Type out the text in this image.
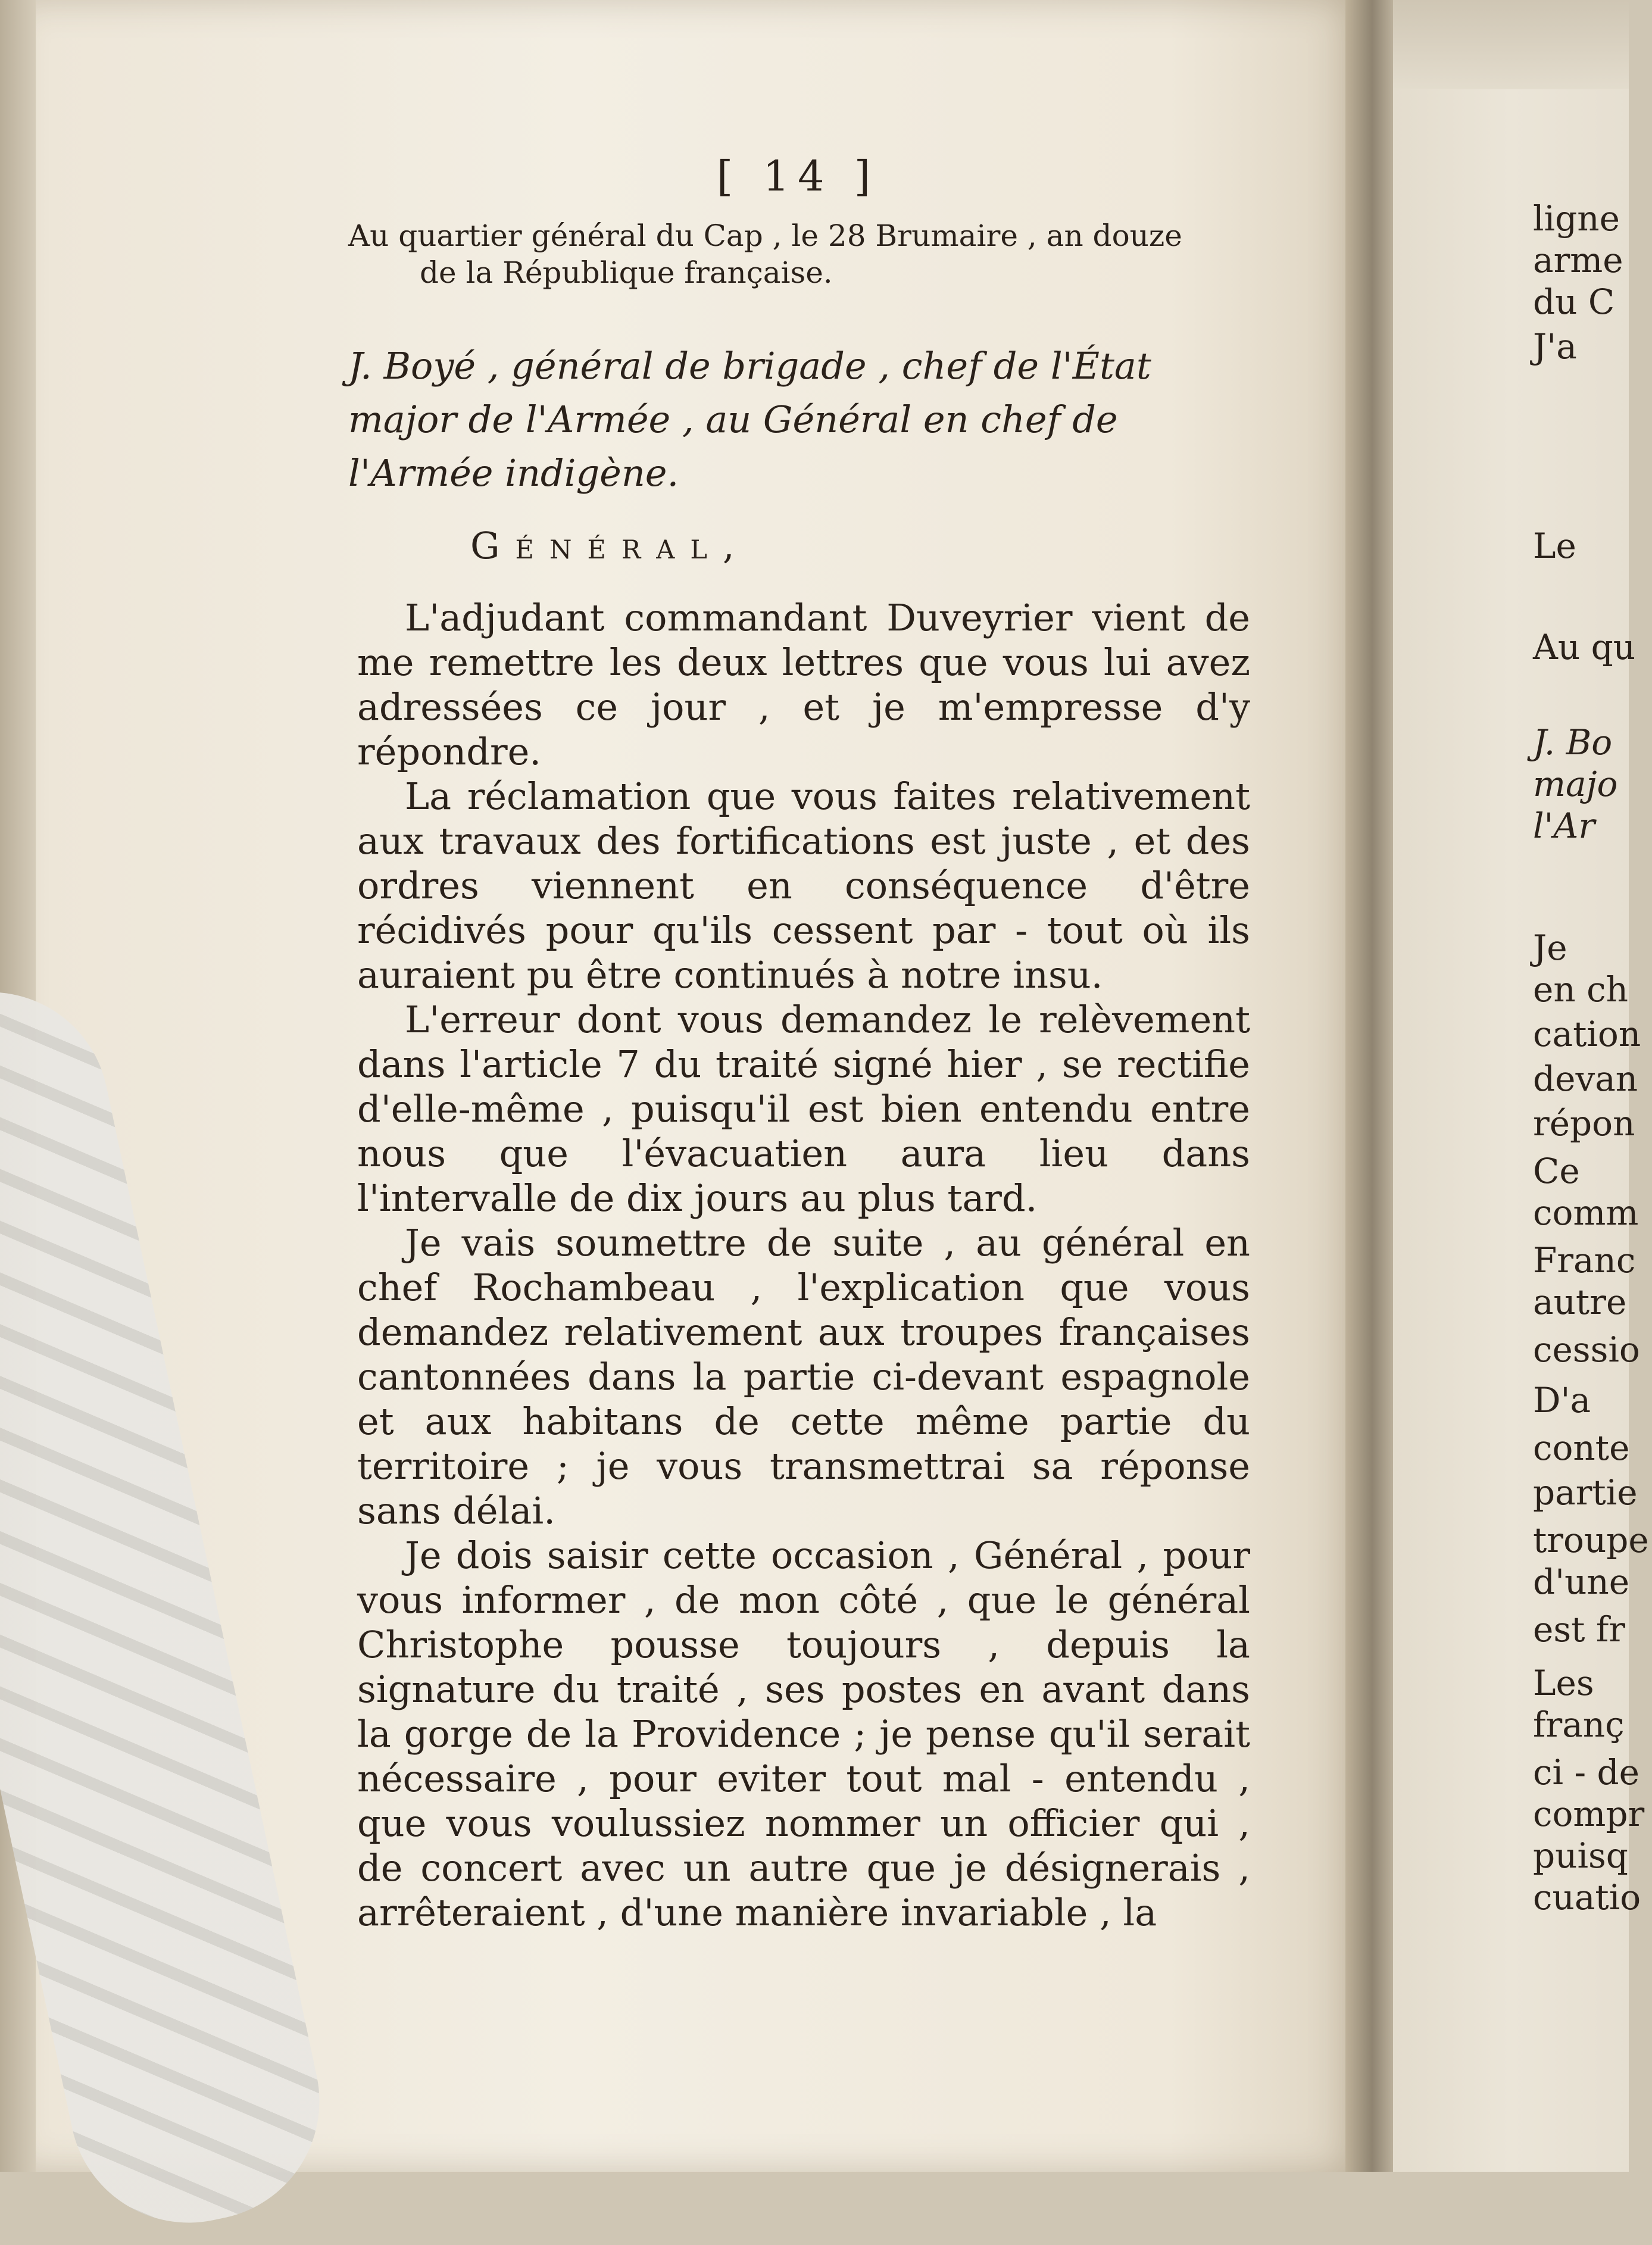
[ 14 ]
Au quartier général du Cap , le 28 Brumaire , an douze
de la République française.
J. Boyé , général de brigade , chef de l'État major de l'Armée , au Général en chef de l'Armée indigène.
Général,

L'adjudant commandant Duveyrier vient de me remettre les deux lettres que vous lui avez adressées ce jour , et je m'empresse d'y répondre.

La réclamation que vous faites relativement aux travaux des fortifications est juste , et des ordres viennent en conséquence d'être récidivés pour qu'ils cessent par - tout où ils auraient pu être continués à notre insu.

L'erreur dont vous demandez le relèvement dans l'article 7 du traité signé hier , se rectifie d'elle-même , puisqu'il est bien entendu entre nous que l'évacuatien aura lieu dans l'intervalle de dix jours au plus tard.

Je vais soumettre de suite , au général en chef Rochambeau , l'explication que vous demandez relativement aux troupes françaises cantonnées dans la partie ci-devant espagnole et aux habitans de cette même partie du territoire ; je vous transmettrai sa réponse sans délai.

Je dois saisir cette occasion , Général , pour vous informer , de mon côté , que le général Christophe pousse toujours , depuis la signature du traité , ses postes en avant dans la gorge de la Providence ; je pense qu'il serait nécessaire , pour eviter tout mal - entendu , que vous voulussiez nommer un officier qui , de concert avec un autre que je désignerais , arrêteraient , d'une manière invariable , la

ligne
arme
du C
J'a
Le
Au qu
J. Bo
majo
l'Ar
Je
en ch
cation
devan
répon
Ce
comm
Franc
autre
cessio
D'a
conte
partie
troupe
d'une
est fr
Les
franç
ci - de
compr
puisq
cuatio
